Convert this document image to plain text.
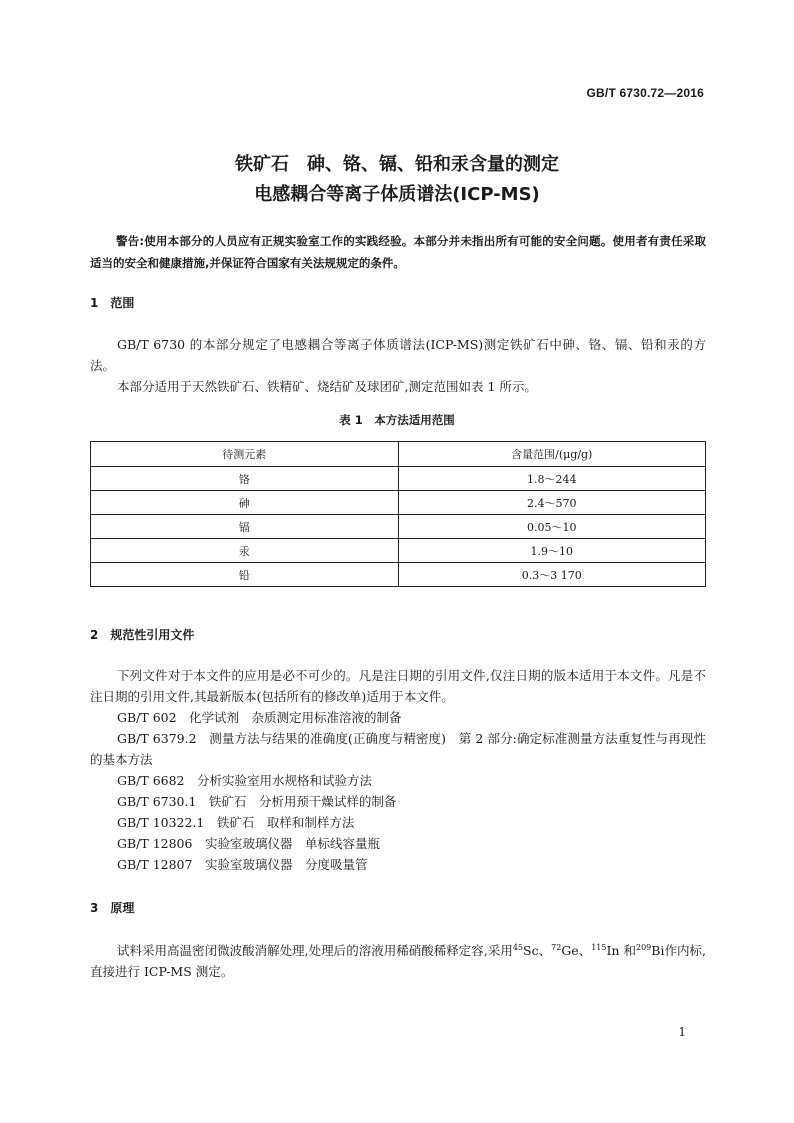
GB/T 6730.72—2016
铁矿石　砷、铬、镉、铅和汞含量的测定
电感耦合等离子体质谱法(ICP-MS)
警告:使用本部分的人员应有正规实验室工作的实践经验。本部分并未指出所有可能的安全问题。使用者有责任采取适当的安全和健康措施,并保证符合国家有关法规规定的条件。
1　范围
GB/T 6730 的本部分规定了电感耦合等离子体质谱法(ICP-MS)测定铁矿石中砷、铬、镉、铅和汞的方法。
本部分适用于天然铁矿石、铁精矿、烧结矿及球团矿,测定范围如表 1 所示。
表 1　本方法适用范围
待测元素	含量范围/(μg/g)
铬	1.8～244
砷	2.4～570
镉	0.05～10
汞	1.9～10
铅	0.3～3 170
2　规范性引用文件
下列文件对于本文件的应用是必不可少的。凡是注日期的引用文件,仅注日期的版本适用于本文件。凡是不注日期的引用文件,其最新版本(包括所有的修改单)适用于本文件。
GB/T 602　化学试剂　杂质测定用标准溶液的制备
GB/T 6379.2　测量方法与结果的准确度(正确度与精密度)　第 2 部分:确定标准测量方法重复性与再现性的基本方法
GB/T 6682　分析实验室用水规格和试验方法
GB/T 6730.1　铁矿石　分析用预干燥试样的制备
GB/T 10322.1　铁矿石　取样和制样方法
GB/T 12806　实验室玻璃仪器　单标线容量瓶
GB/T 12807　实验室玻璃仪器　分度吸量管
3　原理
试料采用高温密闭微波酸消解处理,处理后的溶液用稀硝酸稀释定容,采用$^{45}$Sc、$^{72}$Ge、$^{115}$In 和$^{209}$Bi作内标,直接进行 ICP-MS 测定。
1
